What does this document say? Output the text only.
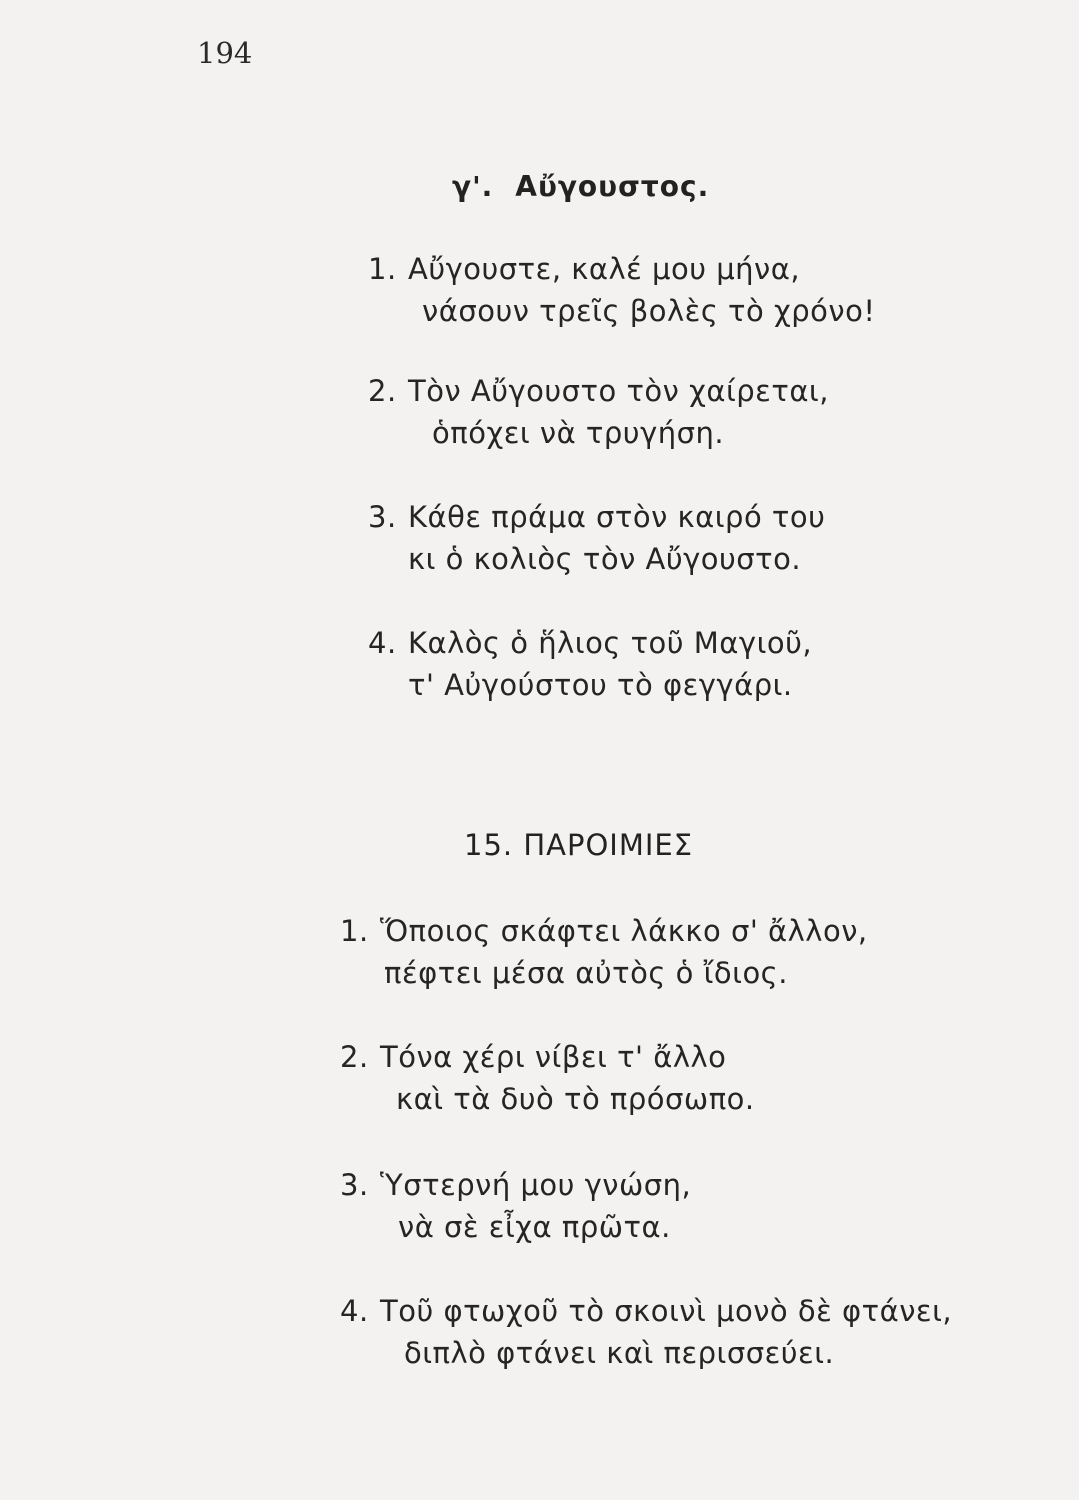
194
γ'. Αὔγουστος.
1. Αὔγουστε, καλέ μου μήνα,
νάσουν τρεῖς βολὲς τὸ χρόνο!
2. Τὸν Αὔγουστο τὸν χαίρεται,
ὁπόχει νὰ τρυγήση.
3. Κάθε πράμα στὸν καιρό του
κι ὁ κολιὸς τὸν Αὔγουστο.
4. Καλὸς ὁ ἥλιος τοῦ Μαγιοῦ,
τ' Αὐγούστου τὸ φεγγάρι.
15. ΠΑΡΟΙΜΙΕΣ
1. Ὅποιος σκάφτει λάκκο σ' ἄλλον,
πέφτει μέσα αὐτὸς ὁ ἴδιος.
2. Τόνα χέρι νίβει τ' ἄλλο
καὶ τὰ δυὸ τὸ πρόσωπο.
3. Ὑστερνή μου γνώση,
νὰ σὲ εἶχα πρῶτα.
4. Τοῦ φτωχοῦ τὸ σκοινὶ μονὸ δὲ φτάνει,
διπλὸ φτάνει καὶ περισσεύει.
